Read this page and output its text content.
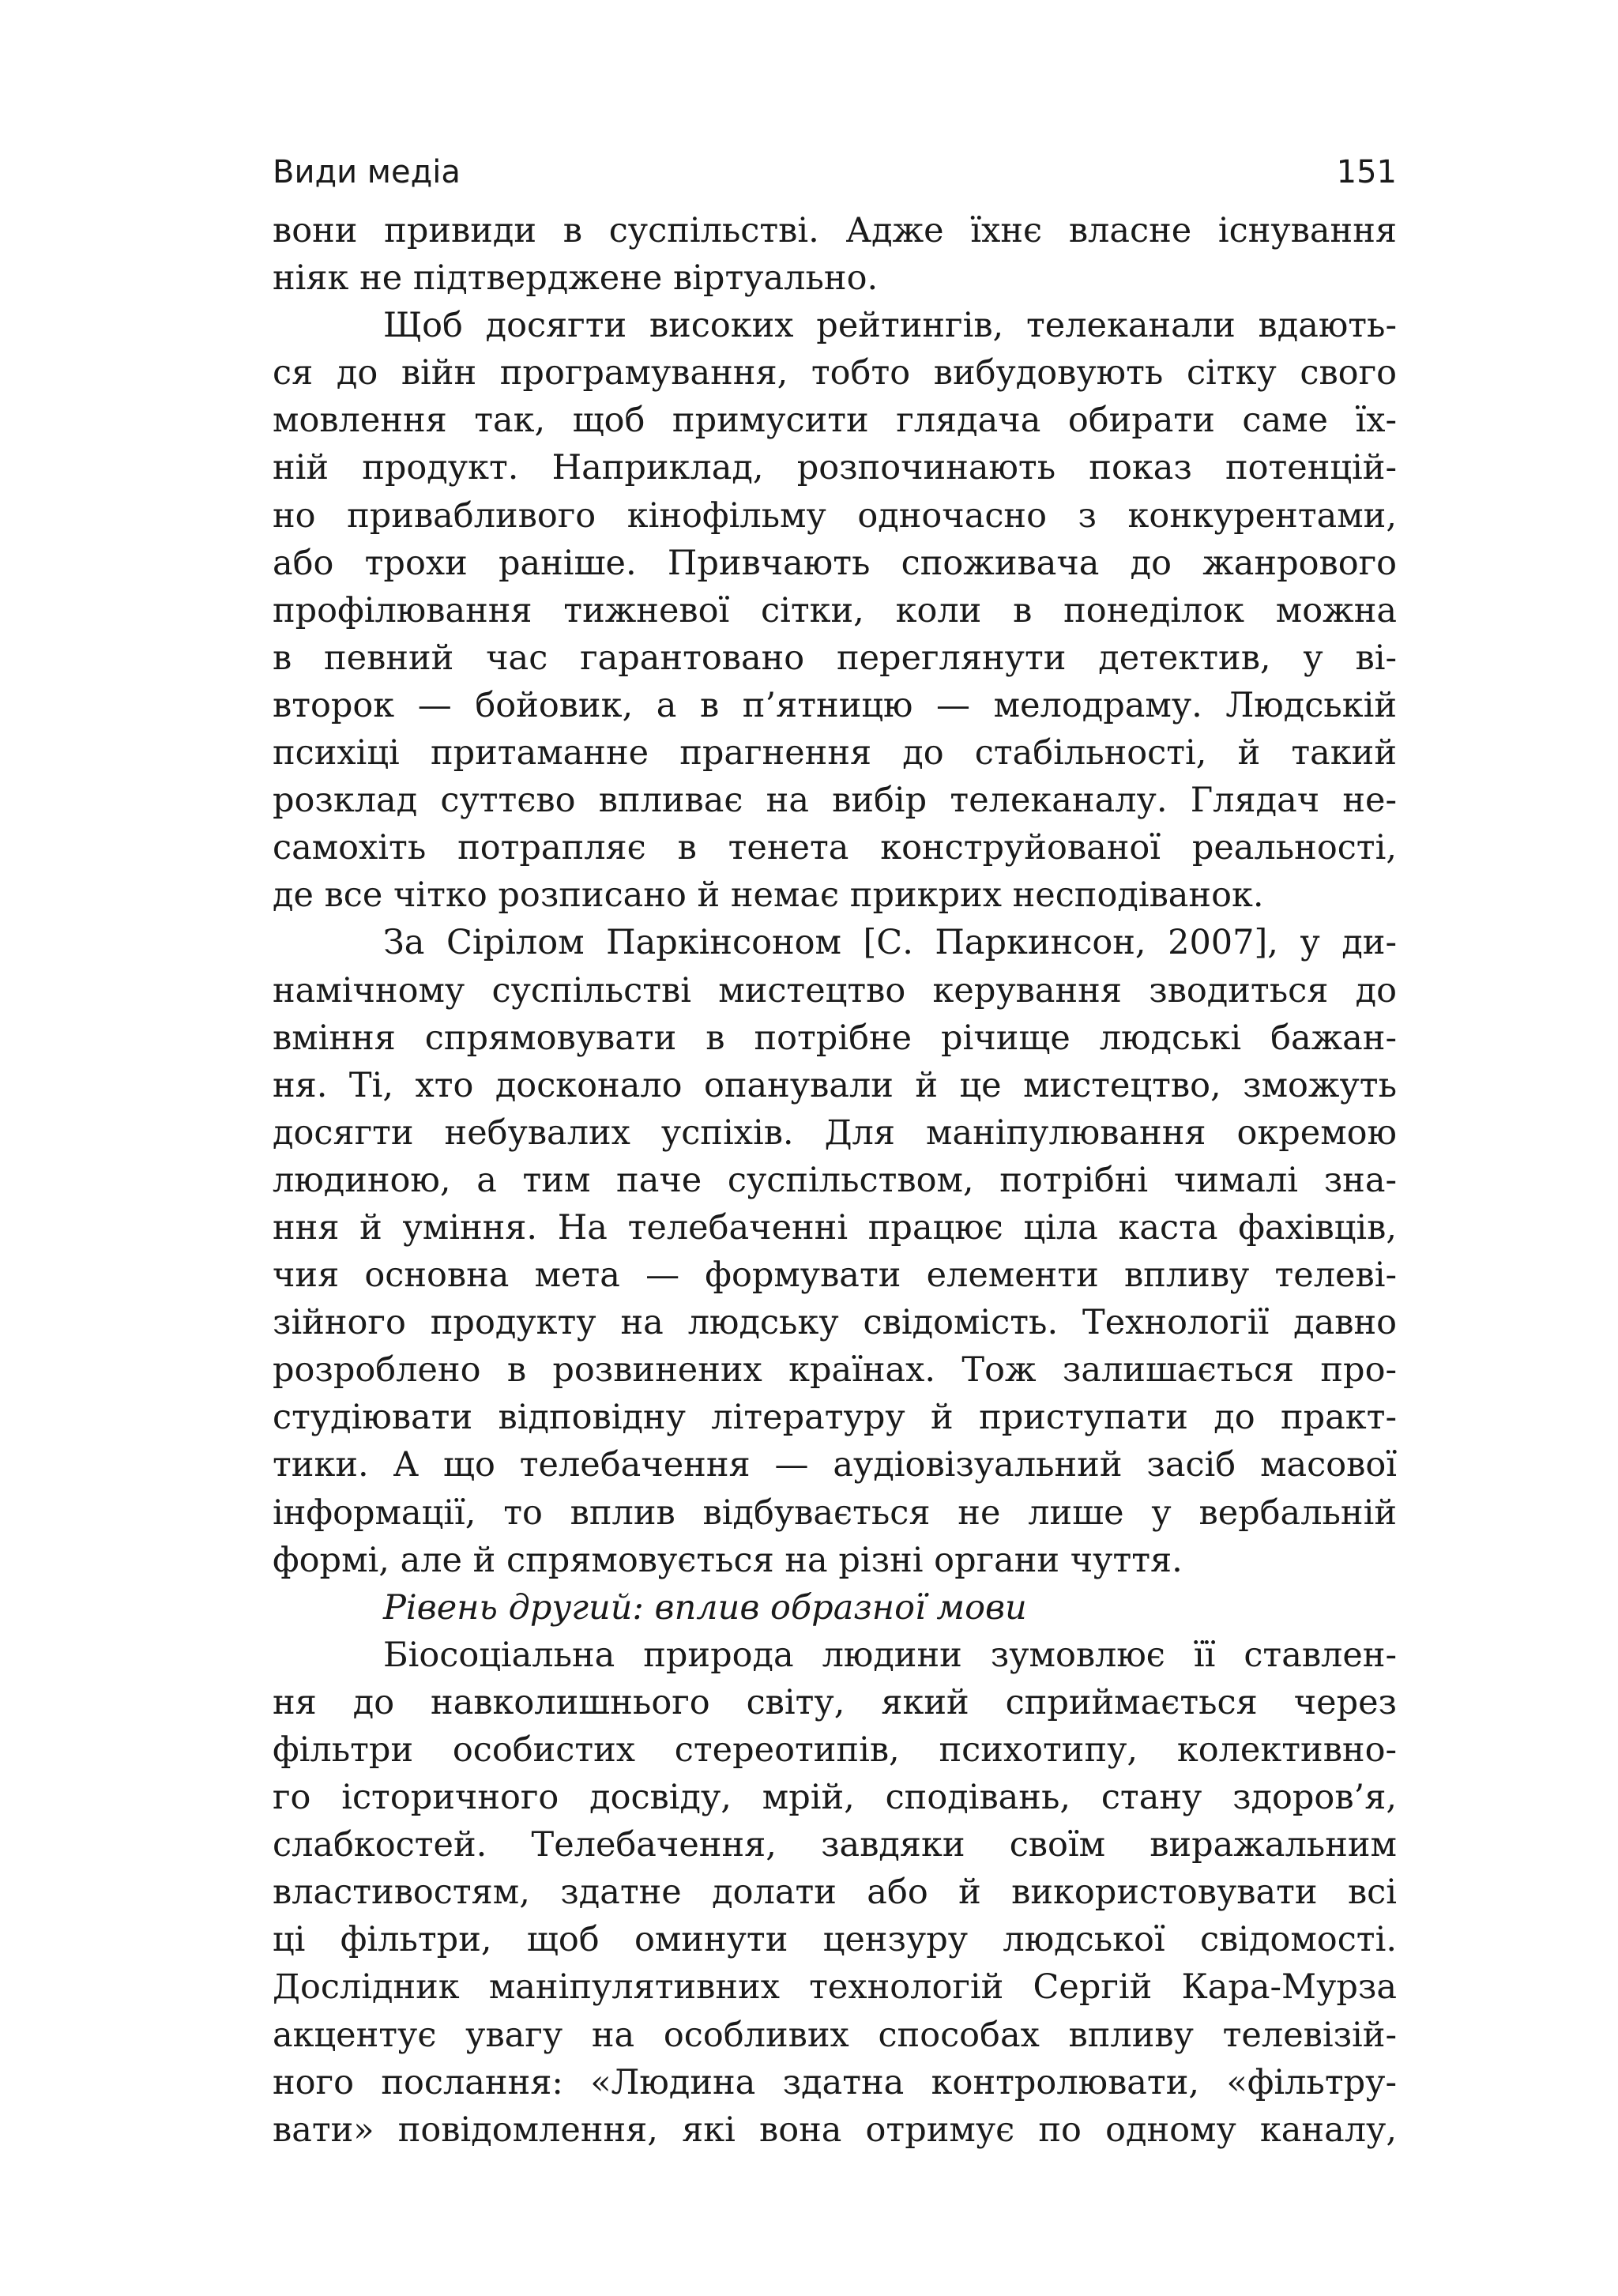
Види медіа	151
вони привиди в суспільстві. Адже їхнє власне існування
ніяк не підтверджене віртуально.
Щоб досягти високих рейтингів, телеканали вдають-
ся до війн програмування, тобто вибудовують сітку свого
мовлення так, щоб примусити глядача обирати саме їх-
ній продукт. Наприклад, розпочинають показ потенцій-
но привабливого кінофільму одночасно з конкурентами,
або трохи раніше. Привчають споживача до жанрового
профілювання тижневої сітки, коли в понеділок можна
в певний час гарантовано переглянути детектив, у ві-
второк — бойовик, а в п’ятницю — мелодраму. Людській
психіці притаманне прагнення до стабільності, й такий
розклад суттєво впливає на вибір телеканалу. Глядач не-
самохіть потрапляє в тенета конструйованої реальності,
де все чітко розписано й немає прикрих несподіванок.
За Сірілом Паркінсоном [С. Паркинсон, 2007], у ди-
намічному суспільстві мистецтво керування зводиться до
вміння спрямовувати в потрібне річище людські бажан-
ня. Ті, хто досконало опанували й це мистецтво, зможуть
досягти небувалих успіхів. Для маніпулювання окремою
людиною, а тим паче суспільством, потрібні чималі зна-
ння й уміння. На телебаченні працює ціла каста фахівців,
чия основна мета — формувати елементи впливу телеві-
зійного продукту на людську свідомість. Технології давно
розроблено в розвинених країнах. Тож залишається про-
студіювати відповідну літературу й приступати до практ-
тики. А що телебачення — аудіовізуальний засіб масової
інформації, то вплив відбувається не лише у вербальній
формі, але й спрямовується на різні органи чуття.
Рівень другий: вплив образної мови
Біосоціальна природа людини зумовлює її ставлен-
ня до навколишнього світу, який сприймається через
фільтри особистих стереотипів, психотипу, колективно-
го історичного досвіду, мрій, сподівань, стану здоров’я,
слабкостей. Телебачення, завдяки своїм виражальним
властивостям, здатне долати або й використовувати всі
ці фільтри, щоб оминути цензуру людської свідомості.
Дослідник маніпулятивних технологій Сергій Кара-Мурза
акцентує увагу на особливих способах впливу телевізій-
ного послання: «Людина здатна контролювати, «фільтру-
вати» повідомлення, які вона отримує по одному каналу,
